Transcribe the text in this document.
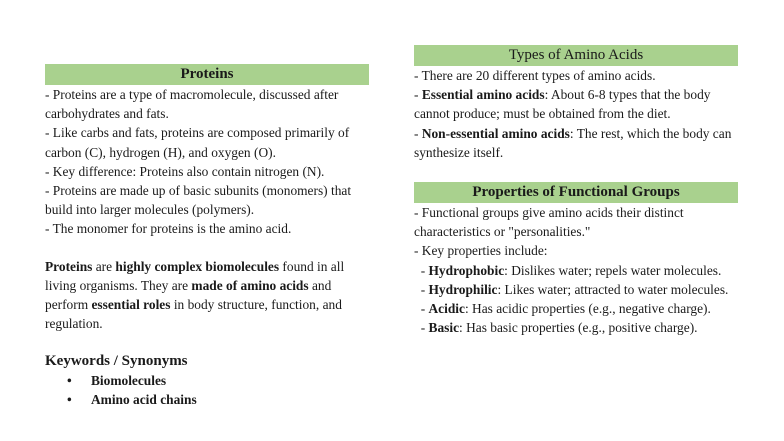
Proteins

- Proteins are a type of macromolecule, discussed after carbohydrates and fats.

- Like carbs and fats, proteins are composed primarily of carbon (C), hydrogen (H), and oxygen (O).

- Key difference: Proteins also contain nitrogen (N).

- Proteins are made up of basic subunits (monomers) that build into larger molecules (polymers).

- The monomer for proteins is the amino acid.

Proteins are highly complex biomolecules found in all living organisms. They are made of amino acids and perform essential roles in body structure, function, and regulation.

Keywords / Synonyms

• Biomolecules
• Amino acid chains
Types of Amino Acids

- There are 20 different types of amino acids.

- Essential amino acids: About 6-8 types that the body cannot produce; must be obtained from the diet.

- Non-essential amino acids: The rest, which the body can synthesize itself.

Properties of Functional Groups

- Functional groups give amino acids their distinct characteristics or "personalities."

- Key properties include:

- Hydrophobic: Dislikes water; repels water molecules.

- Hydrophilic: Likes water; attracted to water molecules.

- Acidic: Has acidic properties (e.g., negative charge).

- Basic: Has basic properties (e.g., positive charge).
